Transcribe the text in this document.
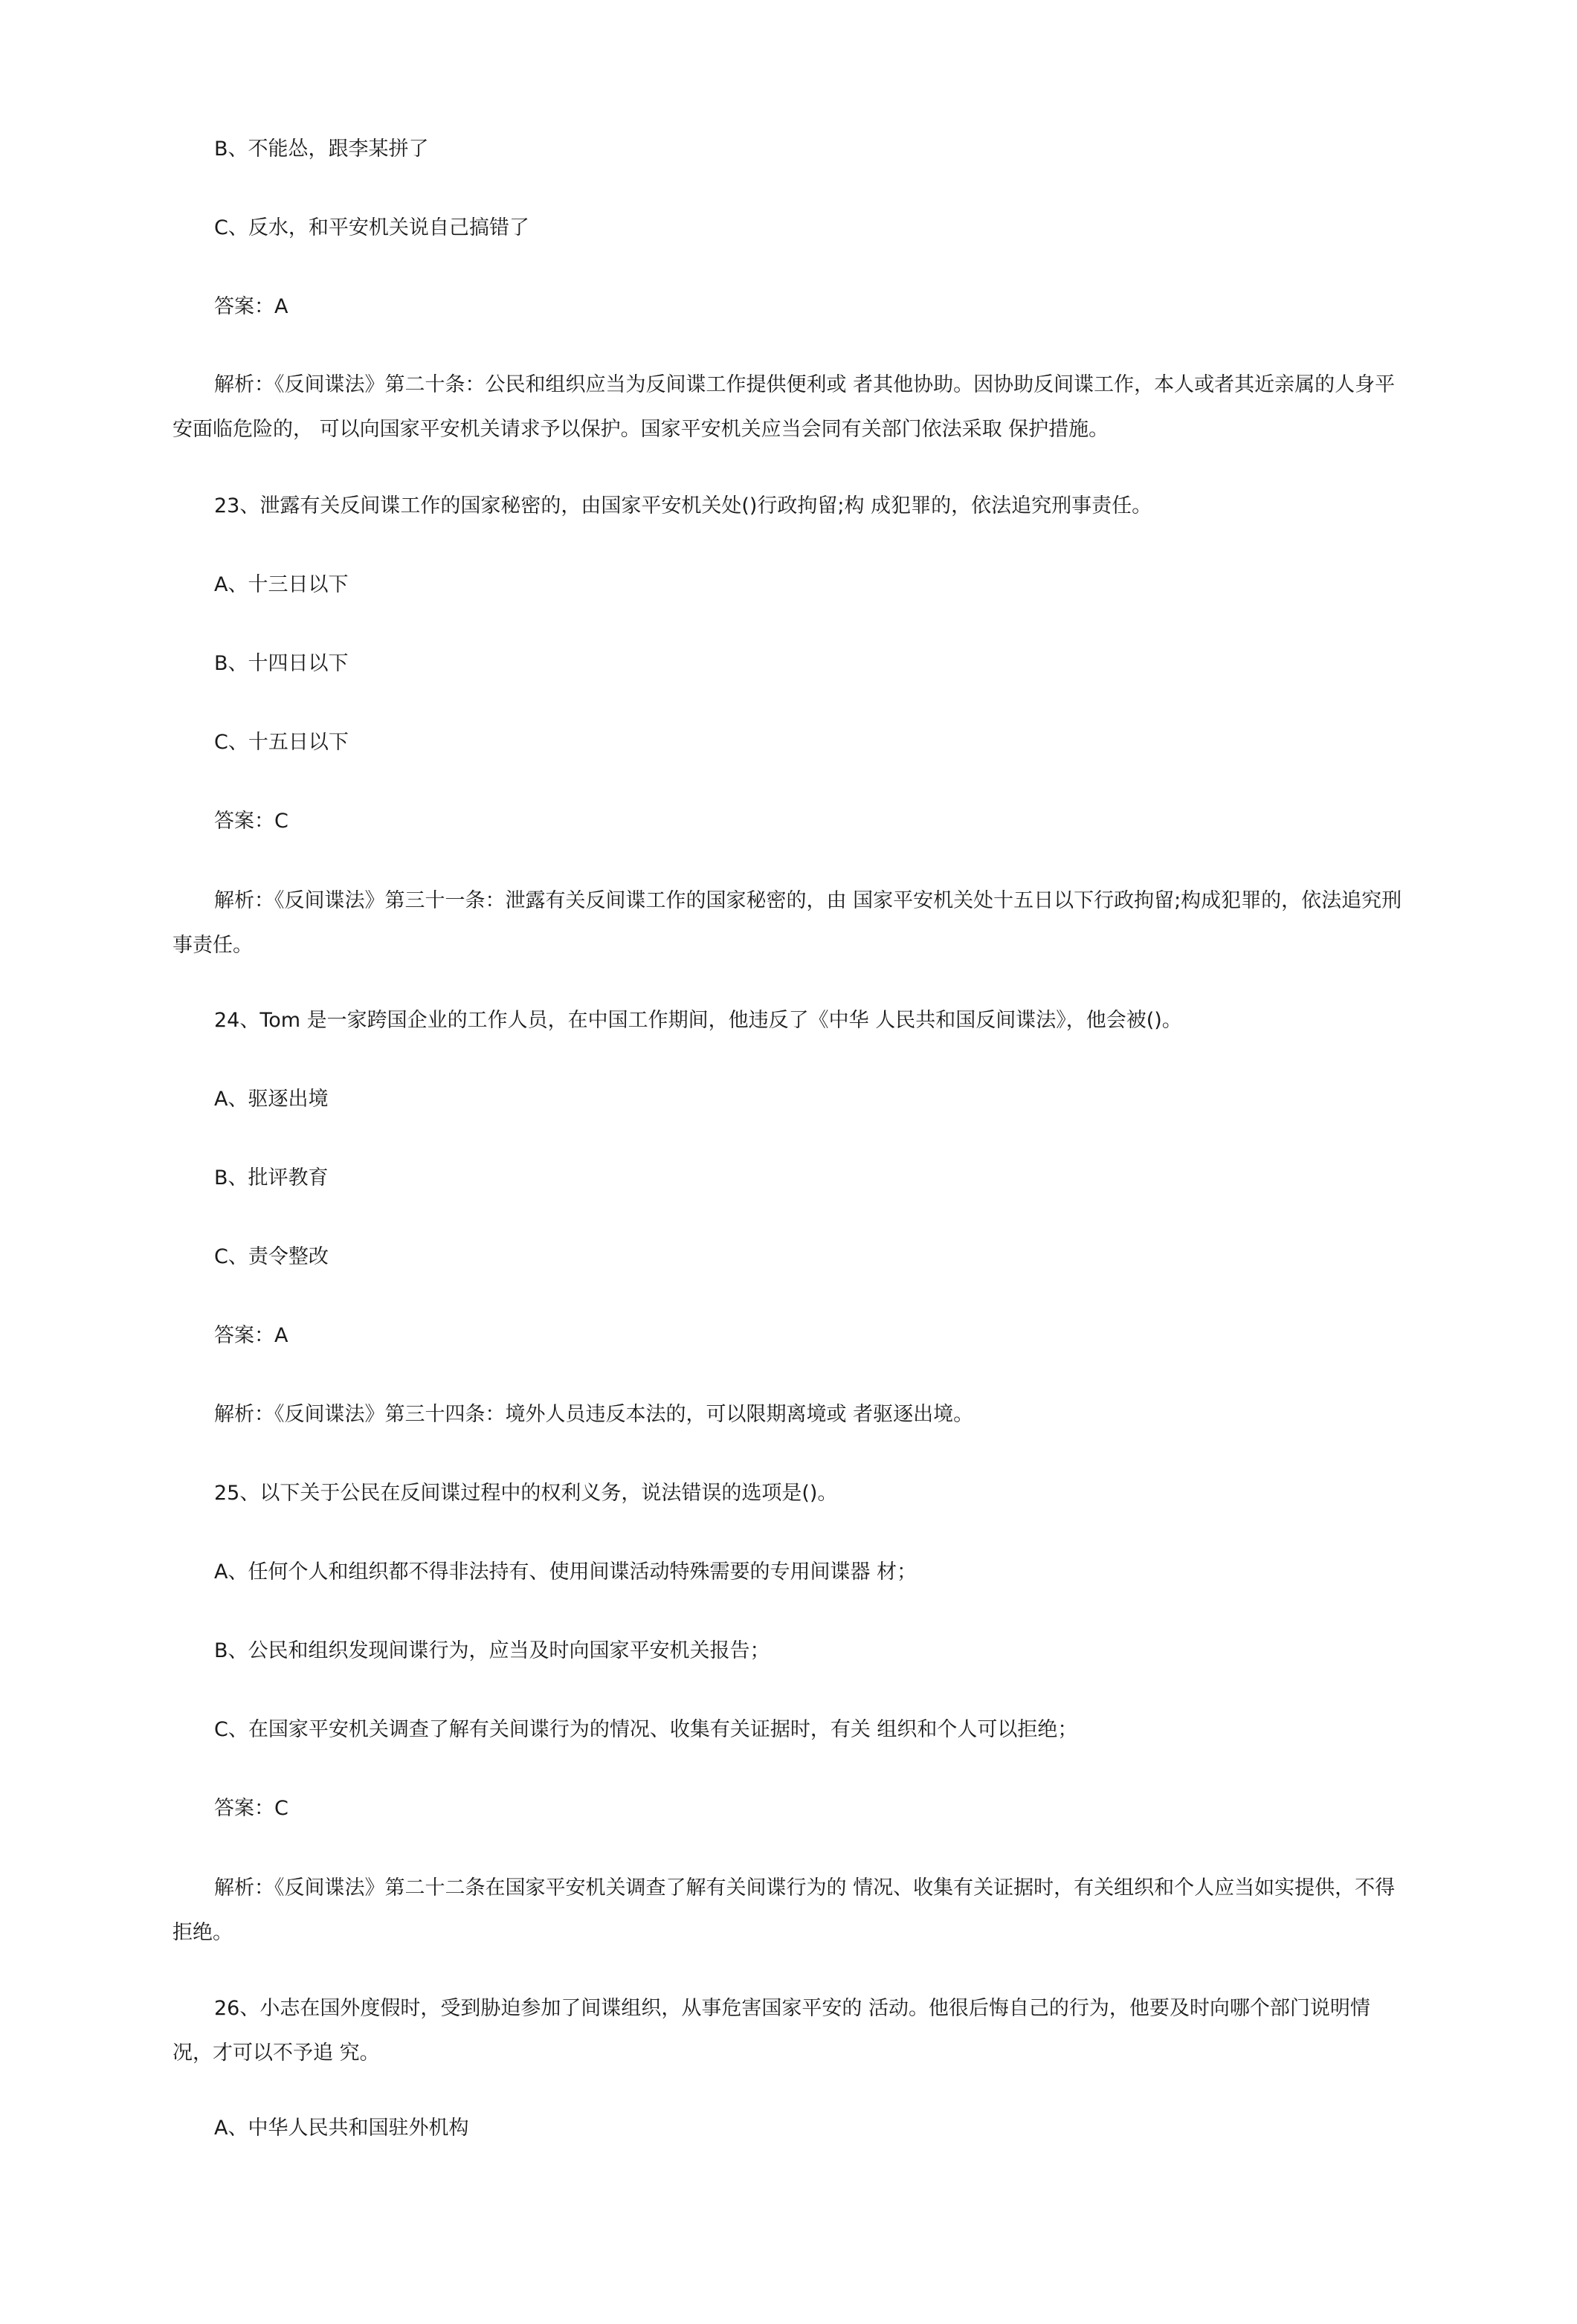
B、不能怂，跟李某拼了
C、反水，和平安机关说自己搞错了
答案：A
解析：《反间谍法》第二十条：公民和组织应当为反间谍工作提供便利或 者其他协助。因协助反间谍工作，本人或者其近亲属的人身平安面临危险的， 可以向国家平安机关请求予以保护。国家平安机关应当会同有关部门依法采取 保护措施。
23、泄露有关反间谍工作的国家秘密的，由国家平安机关处()行政拘留;构 成犯罪的，依法追究刑事责任。
A、十三日以下
B、十四日以下
C、十五日以下
答案：C
解析：《反间谍法》第三十一条：泄露有关反间谍工作的国家秘密的，由 国家平安机关处十五日以下行政拘留;构成犯罪的，依法追究刑事责任。
24、Tom 是一家跨国企业的工作人员，在中国工作期间，他违反了《中华 人民共和国反间谍法》，他会被()。
A、驱逐出境
B、批评教育
C、责令整改
答案：A
解析：《反间谍法》第三十四条：境外人员违反本法的，可以限期离境或 者驱逐出境。
25、以下关于公民在反间谍过程中的权利义务，说法错误的选项是()。
A、任何个人和组织都不得非法持有、使用间谍活动特殊需要的专用间谍器 材；
B、公民和组织发现间谍行为，应当及时向国家平安机关报告；
C、在国家平安机关调查了解有关间谍行为的情况、收集有关证据时，有关 组织和个人可以拒绝；
答案：C
解析：《反间谍法》第二十二条在国家平安机关调查了解有关间谍行为的 情况、收集有关证据时，有关组织和个人应当如实提供，不得拒绝。
26、小志在国外度假时，受到胁迫参加了间谍组织，从事危害国家平安的 活动。他很后悔自己的行为，他要及时向哪个部门说明情况，才可以不予追 究。
A、中华人民共和国驻外机构
